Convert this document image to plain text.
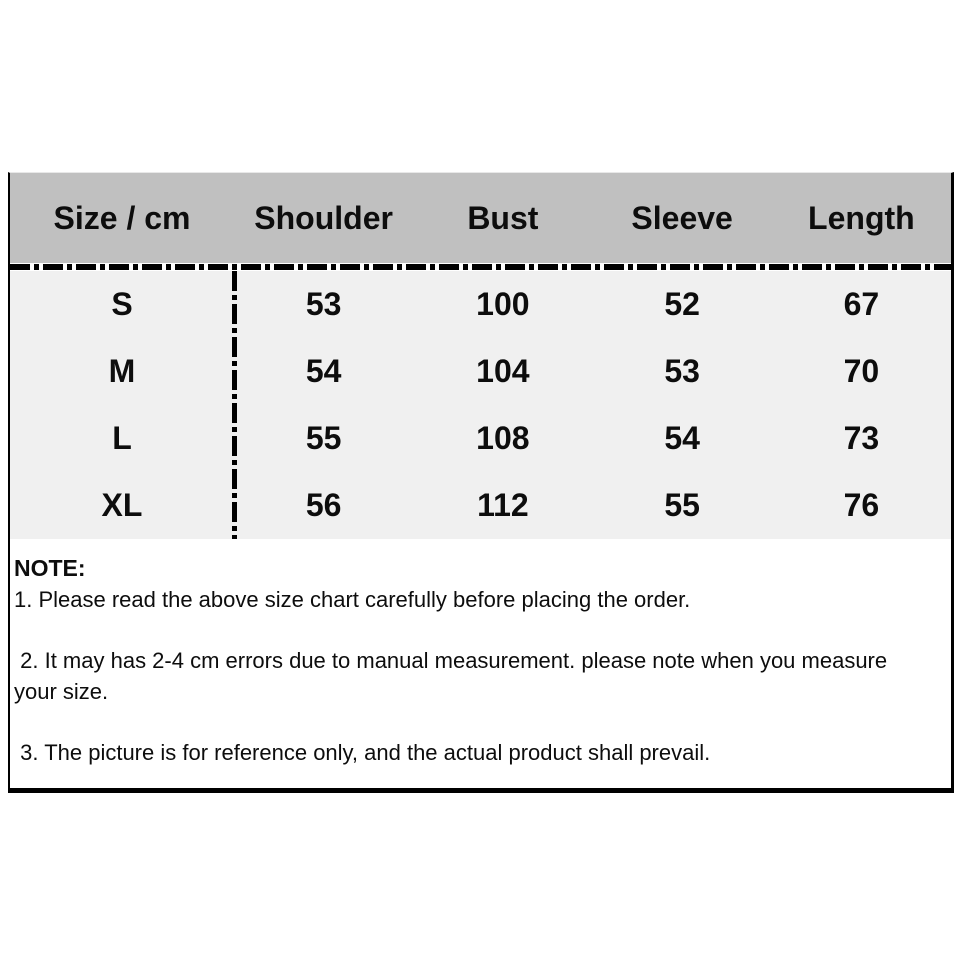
Size / cm	Shoulder	Bust	Sleeve	Length
S	53	100	52	67
M	54	104	53	70
L	55	108	54	73
XL	56	112	55	76
NOTE:
1. Please read the above size chart carefully before placing the order.
2. It may has 2-4 cm errors due to manual measurement. please note when you measure
your size.
3. The picture is for reference only, and the actual product shall prevail.
